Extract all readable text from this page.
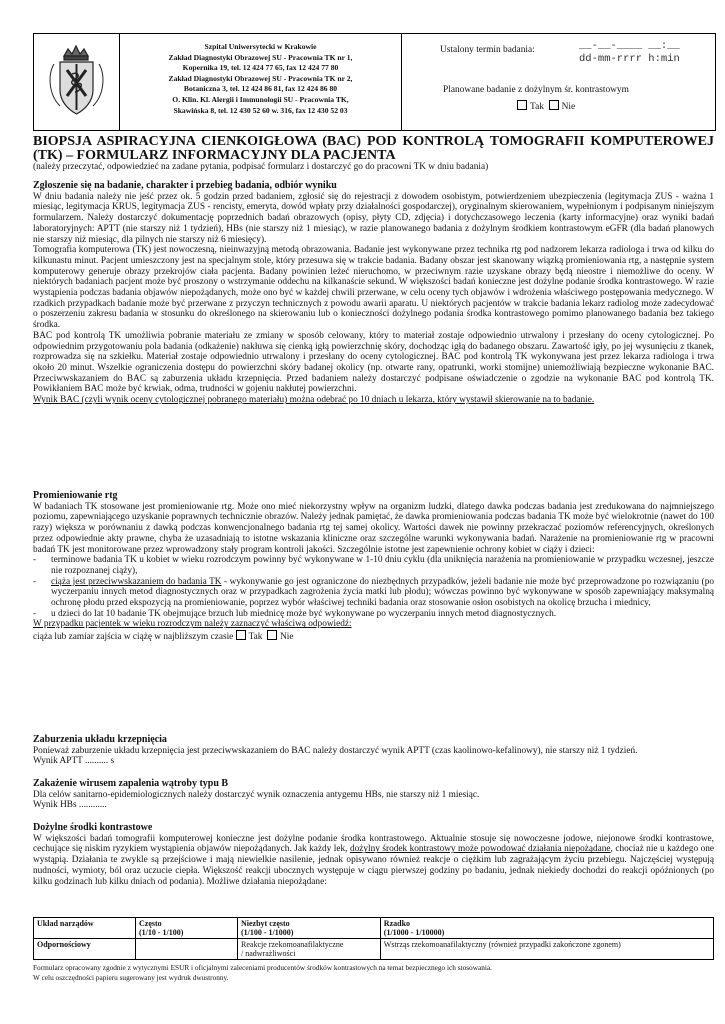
Szpital Uniwersytecki w Krakowie
Zakład Diagnostyki Obrazowej SU - Pracownia TK nr 1,
Kopernika 19, tel. 12 424 77 65, fax 12 424 77 80
Zakład Diagnostyki Obrazowej SU - Pracownia TK nr 2,
Botaniczna 3, tel. 12 424 86 81, fax 12 424 86 80
O. Klin. Kl. Alergii i Immunologii SU - Pracownia TK,
Skawińska 8, tel. 12 430 52 60 w. 316, fax 12 430 52 03
Ustalony termin badania:	__-__-____ __:__
dd-mm-rrrr h:min
Planowane badanie z dożylnym śr. kontrastowym
Tak Nie
BIOPSJA ASPIRACYJNA CIENKOIGŁOWA (BAC) POD KONTROLĄ TOMOGRAFII KOMPUTEROWEJ (TK) – FORMULARZ INFORMACYJNY DLA PACJENTA
(należy przeczytać, odpowiedzieć na zadane pytania, podpisać formularz i dostarczyć go do pracowni TK w dniu badania)
Zgłoszenie się na badanie, charakter i przebieg badania, odbiór wyniku

W dniu badania należy nie jeść przez ok. 5 godzin przed badaniem, zgłosić się do rejestracji z dowodem osobistym, potwierdzeniem ubezpieczenia (legitymacja ZUS - ważna 1 miesiąc, legitymacja KRUS, legitymacja ZUS - rencisty, emeryta, dowód wpłaty przy działalności gospodarczej), oryginalnym skierowaniem, wypełnionym i podpisanym niniejszym formularzem. Należy dostarczyć dokumentację poprzednich badań obrazowych (opisy, płyty CD, zdjęcia) i dotychczasowego leczenia (karty informacyjne) oraz wyniki badań laboratoryjnych: APTT (nie starszy niż 1 tydzień), HBs (nie starszy niż 1 miesiąc), w razie planowanego badania z dożylnym środkiem kontrastowym eGFR (dla badań planowych nie starszy niż miesiąc, dla pilnych nie starszy niż 6 miesięcy).

Tomografia komputerowa (TK) jest nowoczesną, nieinwazyjną metodą obrazowania. Badanie jest wykonywane przez technika rtg pod nadzorem lekarza radiologa i trwa od kilku do kilkunastu minut. Pacjent umieszczony jest na specjalnym stole, który przesuwa się w trakcie badania. Badany obszar jest skanowany wiązką promieniowania rtg, a następnie system komputerowy generuje obrazy przekrojów ciała pacjenta. Badany powinien leżeć nieruchomo, w przeciwnym razie uzyskane obrazy będą nieostre i niemożliwe do oceny. W niektórych badaniach pacjent może być proszony o wstrzymanie oddechu na kilkanaście sekund. W większości badań konieczne jest dożylne podanie środka kontrastowego. W razie wystąpienia podczas badania objawów niepożądanych, może ono być w każdej chwili przerwane, w celu oceny tych objawów i wdrożenia właściwego postępowania medycznego. W rzadkich przypadkach badanie może być przerwane z przyczyn technicznych z powodu awarii aparatu. U niektórych pacjentów w trakcie badania lekarz radiolog może zadecydować o poszerzeniu zakresu badania w stosunku do określonego na skierowaniu lub o konieczności dożylnego podania środka kontrastowego pomimo planowanego badania bez takiego środka.

BAC pod kontrolą TK umożliwia pobranie materiału ze zmiany w sposób celowany, który to materiał zostaje odpowiednio utrwalony i przesłany do oceny cytologicznej. Po odpowiednim przygotowaniu pola badania (odkażenie) nakłuwa się cienką igłą powierzchnię skóry, dochodząc igłą do badanego obszaru. Zawartość igły, po jej wysunięciu z tkanek, rozprowadza się na szkiełku. Materiał zostaje odpowiednio utrwalony i przesłany do oceny cytologicznej. BAC pod kontrolą TK wykonywana jest przez lekarza radiologa i trwa około 20 minut. Wszelkie ograniczenia dostępu do powierzchni skóry badanej okolicy (np. otwarte rany, opatrunki, worki stomijne) uniemożliwiają bezpieczne wykonanie BAC. Przeciwwskazaniem do BAC są zaburzenia układu krzepnięcia. Przed badaniem należy dostarczyć podpisane oświadczenie o zgodzie na wykonanie BAC pod kontrolą TK. Powikłaniem BAC może być krwiak, odma, trudności w gojeniu nakłutej powierzchni.

Wynik BAC (czyli wynik oceny cytologicznej pobranego materiału) można odebrać po 10 dniach u lekarza, który wystawił skierowanie na to badanie.

Promieniowanie rtg

W badaniach TK stosowane jest promieniowanie rtg. Może ono mieć niekorzystny wpływ na organizm ludzki, dlatego dawka podczas badania jest zredukowana do najmniejszego poziomu, zapewniającego uzyskanie poprawnych technicznie obrazów. Należy jednak pamiętać, że dawka promieniowania podczas badania TK może być wielokrotnie (nawet do 100 razy) większa w porównaniu z dawką podczas konwencjonalnego badania rtg tej samej okolicy. Wartości dawek nie powinny przekraczać poziomów referencyjnych, określonych przez odpowiednie akty prawne, chyba że uzasadniają to istotne wskazania kliniczne oraz szczególne warunki wykonywania badań. Narażenie na promieniowanie rtg w pracowni badań TK jest monitorowane przez wprowadzony stały program kontroli jakości. Szczególnie istotne jest zapewnienie ochrony kobiet w ciąży i dzieci:

- terminowe badania TK u kobiet w wieku rozrodczym powinny być wykonywane w 1-10 dniu cyklu (dla uniknięcia narażenia na promieniowanie w przypadku wczesnej, jeszcze nie rozpoznanej ciąży),
- ciąża jest przeciwwskazaniem do badania TK - wykonywanie go jest ograniczone do niezbędnych przypadków, jeżeli badanie nie może być przeprowadzone po rozwiązaniu (po wyczerpaniu innych metod diagnostycznych oraz w przypadkach zagrożenia życia matki lub płodu); wówczas powinno być wykonywane w sposób zapewniający maksymalną ochronę płodu przed ekspozycją na promieniowanie, poprzez wybór właściwej techniki badania oraz stosowanie osłon osobistych na okolicę brzucha i miednicy,
- u dzieci do lat 10 badanie TK obejmujące brzuch lub miednicę może być wykonywane po wyczerpaniu innych metod diagnostycznych.

W przypadku pacjentek w wieku rozrodczym należy zaznaczyć właściwą odpowiedź:

ciąża lub zamiar zajścia w ciążę w najbliższym czasie Tak Nie

Zaburzenia układu krzepnięcia

Ponieważ zaburzenie układu krzepnięcia jest przeciwwskazaniem do BAC należy dostarczyć wynik APTT (czas kaolinowo-kefalinowy), nie starszy niż 1 tydzień.

Wynik APTT .......... s

Zakażenie wirusem zapalenia wątroby typu B

Dla celów sanitarno-epidemiologicznych należy dostarczyć wynik oznaczenia antygemu HBs, nie starszy niż 1 miesiąc.

Wynik HBs ............

Dożylne środki kontrastowe

W większości badań tomografii komputerowej konieczne jest dożylne podanie środka kontrastowego. Aktualnie stosuje się nowoczesne jodowe, niejonowe środki kontrastowe, cechujące się niskim ryzykiem wystąpienia objawów niepożądanych. Jak każdy lek, dożylny środek kontrastowy może powodować działania niepożądane, chociaż nie u każdego one wystąpią. Działania te zwykle są przejściowe i mają niewielkie nasilenie, jednak opisywano również reakcje o ciężkim lub zagrażającym życiu przebiegu. Najczęściej występują nudności, wymioty, ból oraz uczucie ciepła. Większość reakcji ubocznych występuje w ciągu pierwszej godziny po badaniu, jednak niekiedy dochodzi do reakcji opóźnionych (po kilku godzinach lub kilku dniach od podania). Możliwe działania niepożądane:

Układ narządów	Często
(1/10 - 1/100)	Niezbyt często
(1/100 - 1/1000)	Rzadko
(1/1000 - 1/10000)
Odpornościowy		Reakcje rzekomoanafilaktyczne
/ nadwrażliwości	Wstrząs rzekomoanafilaktyczny (również przypadki zakończone zgonem)
Formularz opracowany zgodnie z wytycznymi ESUR i oficjalnymi zaleceniami producentów środków kontrastowych na temat bezpiecznego ich stosowania.
W celu oszczędności papieru sugerowany jest wydruk dwustronny.
